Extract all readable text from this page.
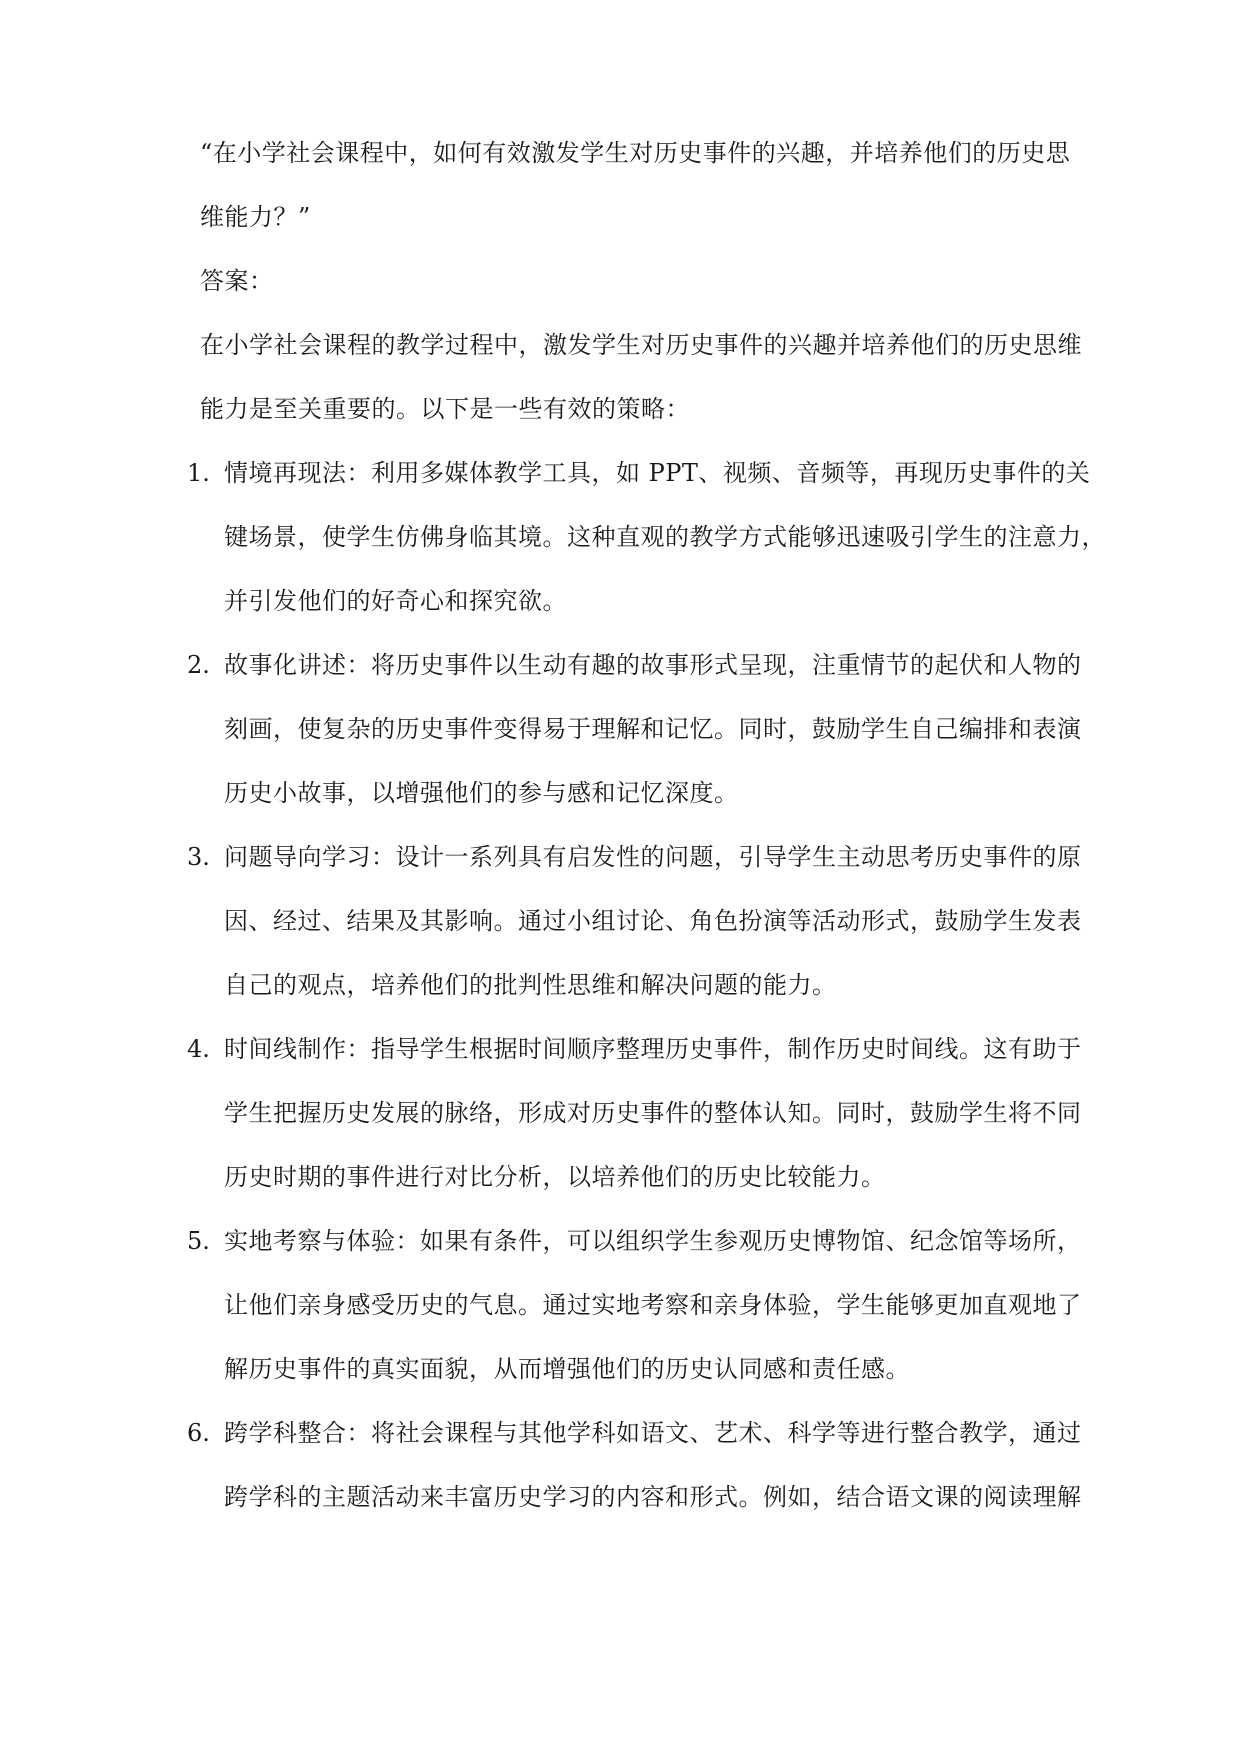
“在小学社会课程中，如何有效激发学生对历史事件的兴趣，并培养他们的历史思
维能力？”
答案：
在小学社会课程的教学过程中，激发学生对历史事件的兴趣并培养他们的历史思维
能力是至关重要的。以下是一些有效的策略：
1. 情境再现法：利用多媒体教学工具，如 PPT、视频、音频等，再现历史事件的关
键场景，使学生仿佛身临其境。这种直观的教学方式能够迅速吸引学生的注意力，
并引发他们的好奇心和探究欲。
2. 故事化讲述：将历史事件以生动有趣的故事形式呈现，注重情节的起伏和人物的
刻画，使复杂的历史事件变得易于理解和记忆。同时，鼓励学生自己编排和表演
历史小故事，以增强他们的参与感和记忆深度。
3. 问题导向学习：设计一系列具有启发性的问题，引导学生主动思考历史事件的原
因、经过、结果及其影响。通过小组讨论、角色扮演等活动形式，鼓励学生发表
自己的观点，培养他们的批判性思维和解决问题的能力。
4. 时间线制作：指导学生根据时间顺序整理历史事件，制作历史时间线。这有助于
学生把握历史发展的脉络，形成对历史事件的整体认知。同时，鼓励学生将不同
历史时期的事件进行对比分析，以培养他们的历史比较能力。
5. 实地考察与体验：如果有条件，可以组织学生参观历史博物馆、纪念馆等场所，
让他们亲身感受历史的气息。通过实地考察和亲身体验，学生能够更加直观地了
解历史事件的真实面貌，从而增强他们的历史认同感和责任感。
6. 跨学科整合：将社会课程与其他学科如语文、艺术、科学等进行整合教学，通过
跨学科的主题活动来丰富历史学习的内容和形式。例如，结合语文课的阅读理解
